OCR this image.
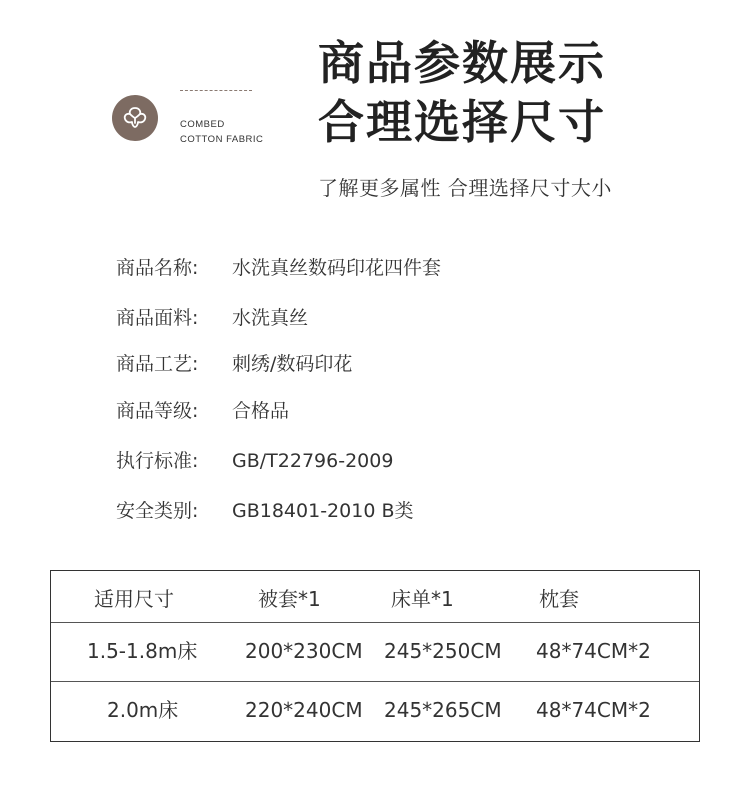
COMBED
COTTON FABRIC
商品参数展示
合理选择尺寸
了解更多属性 合理选择尺寸大小
商品名称: 水洗真丝数码印花四件套
商品面料: 水洗真丝
商品工艺: 刺绣/数码印花
商品等级: 合格品
执行标准: GB/T22796-2009
安全类别: GB18401-2010 B类
适用尺寸	被套*1	床单*1	枕套
1.5-1.8m床 200*230CM 245*250CM 48*74CM*2
2.0m床	220*240CM 245*265CM 48*74CM*2
